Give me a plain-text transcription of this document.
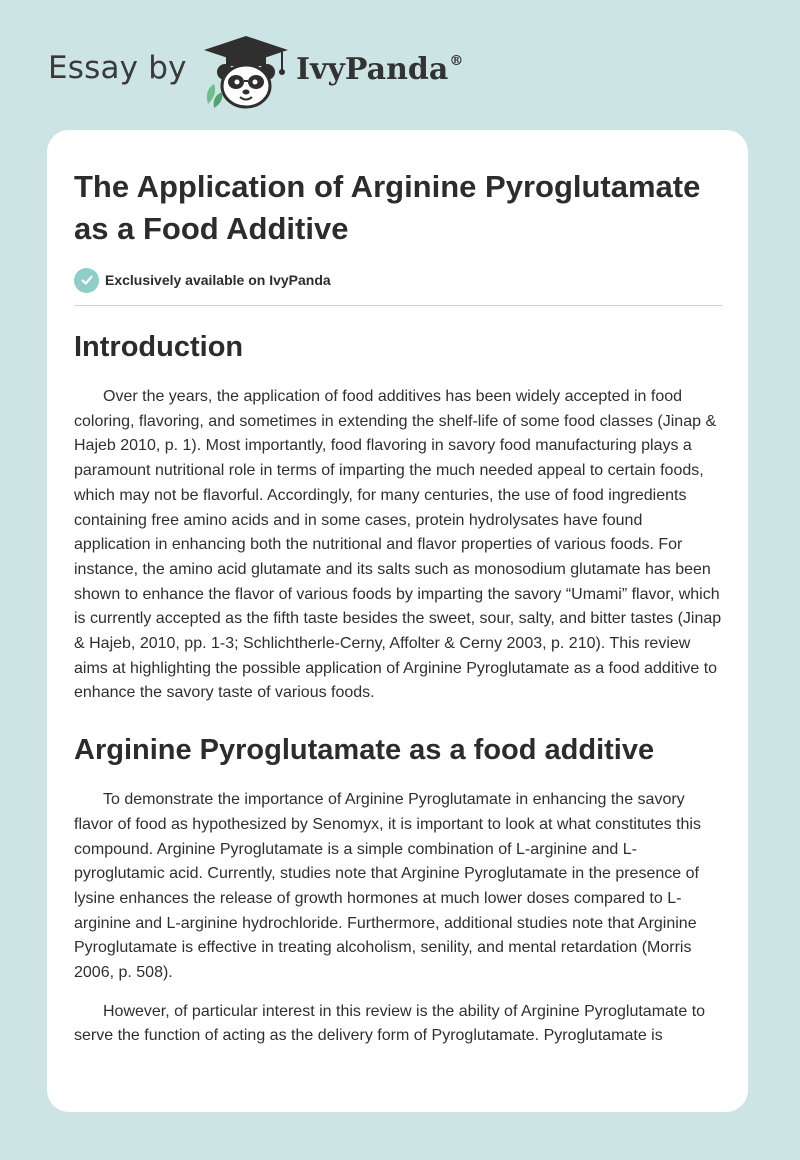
Essay by	IvyPanda®
The Application of Arginine Pyroglutamate as a Food Additive
Exclusively available on IvyPanda
Introduction

Over the years, the application of food additives has been widely accepted in food coloring, flavoring, and sometimes in extending the shelf-life of some food classes (Jinap & Hajeb 2010, p. 1). Most importantly, food flavoring in savory food manufacturing plays a paramount nutritional role in terms of imparting the much needed appeal to certain foods, which may not be flavorful. Accordingly, for many centuries, the use of food ingredients containing free amino acids and in some cases, protein hydrolysates have found application in enhancing both the nutritional and flavor properties of various foods. For instance, the amino acid glutamate and its salts such as monosodium glutamate has been shown to enhance the flavor of various foods by imparting the savory “Umami” flavor, which is currently accepted as the fifth taste besides the sweet, sour, salty, and bitter tastes (Jinap & Hajeb, 2010, pp. 1-3; Schlichtherle-Cerny, Affolter & Cerny 2003, p. 210). This review aims at highlighting the possible application of Arginine Pyroglutamate as a food additive to enhance the savory taste of various foods.

Arginine Pyroglutamate as a food additive

To demonstrate the importance of Arginine Pyroglutamate in enhancing the savory flavor of food as hypothesized by Senomyx, it is important to look at what constitutes this compound. Arginine Pyroglutamate is a simple combination of L-arginine and L-pyroglutamic acid. Currently, studies note that Arginine Pyroglutamate in the presence of lysine enhances the release of growth hormones at much lower doses compared to L-arginine and L-arginine hydrochloride. Furthermore, additional studies note that Arginine Pyroglutamate is effective in treating alcoholism, senility, and mental retardation (Morris 2006, p. 508).

However, of particular interest in this review is the ability of Arginine Pyroglutamate to serve the function of acting as the delivery form of Pyroglutamate. Pyroglutamate is
